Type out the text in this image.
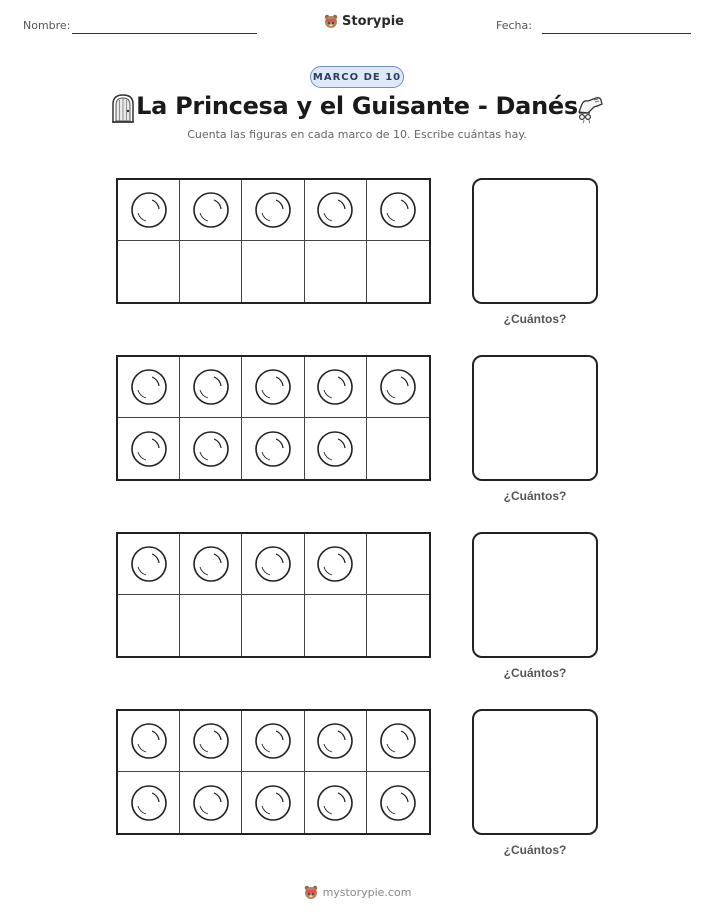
Nombre:	Storypie	Fecha:
MARCO DE 10
La Princesa y el Guisante - Danés
Cuenta las figuras en cada marco de 10. Escribe cuántas hay.
¿Cuántos?
¿Cuántos?
¿Cuántos?
¿Cuántos?
mystorypie.com
